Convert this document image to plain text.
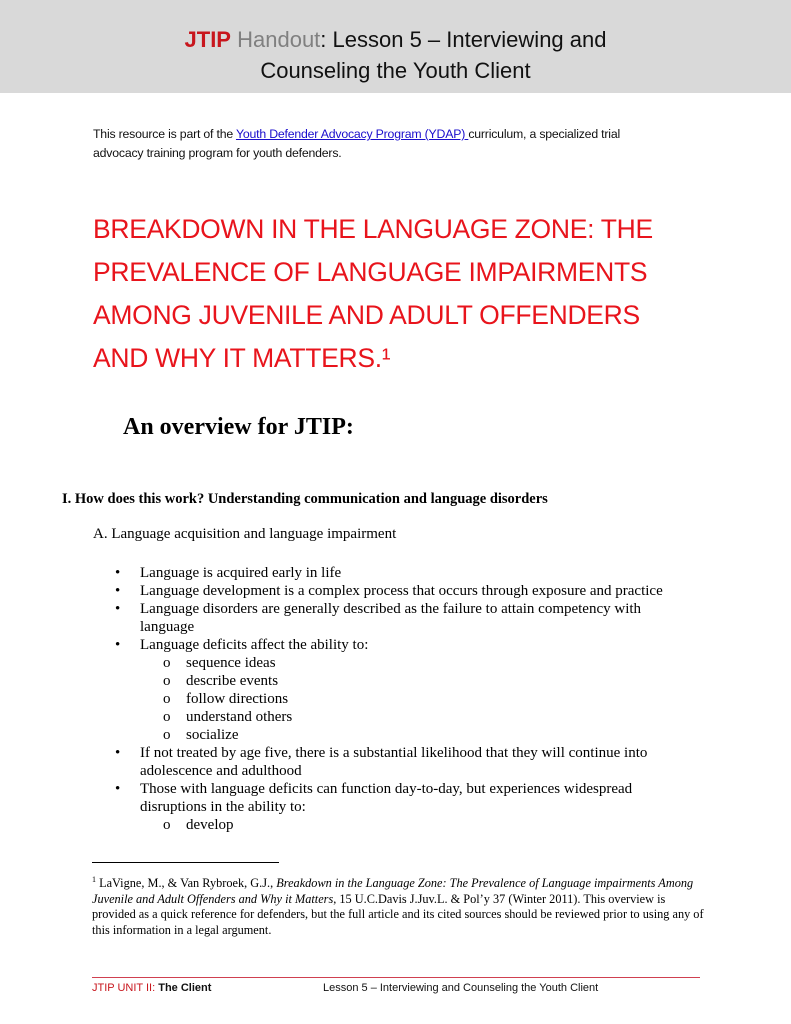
JTIP Handout: Lesson 5 – Interviewing and
Counseling the Youth Client
This resource is part of the Youth Defender Advocacy Program (YDAP) curriculum, a specialized trial
advocacy training program for youth defenders.
BREAKDOWN IN THE LANGUAGE ZONE: THE
PREVALENCE OF LANGUAGE IMPAIRMENTS
AMONG JUVENILE AND ADULT OFFENDERS
AND WHY IT MATTERS.¹
An overview for JTIP:
I. How does this work? Understanding communication and language disorders
A. Language acquisition and language impairment
• Language is acquired early in life
• Language development is a complex process that occurs through exposure and practice
• Language disorders are generally described as the failure to attain competency with language
• Language deficits affect the ability to:
o sequence ideas
o describe events
o follow directions
o understand others
o socialize
• If not treated by age five, there is a substantial likelihood that they will continue into adolescence and adulthood
• Those with language deficits can function day-to-day, but experiences widespread disruptions in the ability to:
o develop
$^1$ LaVigne, M., & Van Rybroek, G.J., Breakdown in the Language Zone: The Prevalence of Language impairments Among Juvenile and Adult Offenders and Why it Matters, 15 U.C.Davis J.Juv.L. & Pol’y 37 (Winter 2011). This overview is provided as a quick reference for defenders, but the full article and its cited sources should be reviewed prior to using any of this information in a legal argument.
JTIP UNIT II: The Client	Lesson 5 – Interviewing and Counseling the Youth Client
